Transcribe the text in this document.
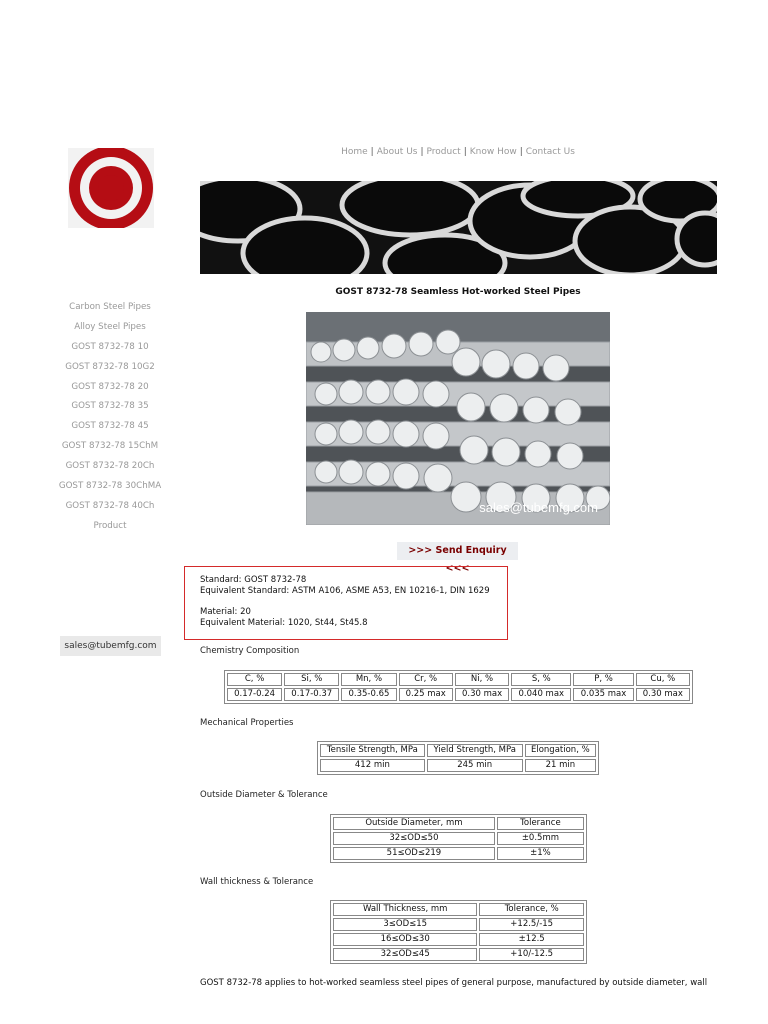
Home | About Us | Product | Know How | Contact Us
GOST 8732-78 Seamless Hot-worked Steel Pipes
sales@tubemfg.com
>>> Send Enquiry <<<
Carbon Steel Pipes
Alloy Steel Pipes
GOST 8732-78 10
GOST 8732-78 10G2
GOST 8732-78 20
GOST 8732-78 35
GOST 8732-78 45
GOST 8732-78 15ChM
GOST 8732-78 20Ch
GOST 8732-78 30ChMA
GOST 8732-78 40Ch
Product
sales@tubemfg.com
Standard: GOST 8732-78
Equivalent Standard: ASTM A106, ASME A53, EN 10216-1, DIN 1629
Material: 20
Equivalent Material: 1020, St44, St45.8
Chemistry Composition
C, %	Si, %	Mn, %	Cr, %	Ni, %	S, %	P, %	Cu, %
0.17-0.24	0.17-0.37	0.35-0.65	0.25 max	0.30 max	0.040 max	0.035 max	0.30 max
Mechanical Properties
Tensile Strength, MPa	Yield Strength, MPa	Elongation, %
412 min	245 min	21 min
Outside Diameter & Tolerance
Outside Diameter, mm	Tolerance
32≤OD≤50	±0.5mm
51≤OD≤219	±1%
Wall thickness & Tolerance
Wall Thickness, mm	Tolerance, %
3≤OD≤15	+12.5/-15
16≤OD≤30	±12.5
32≤OD≤45	+10/-12.5
GOST 8732-78 applies to hot-worked seamless steel pipes of general purpose, manufactured by outside diameter, wall
